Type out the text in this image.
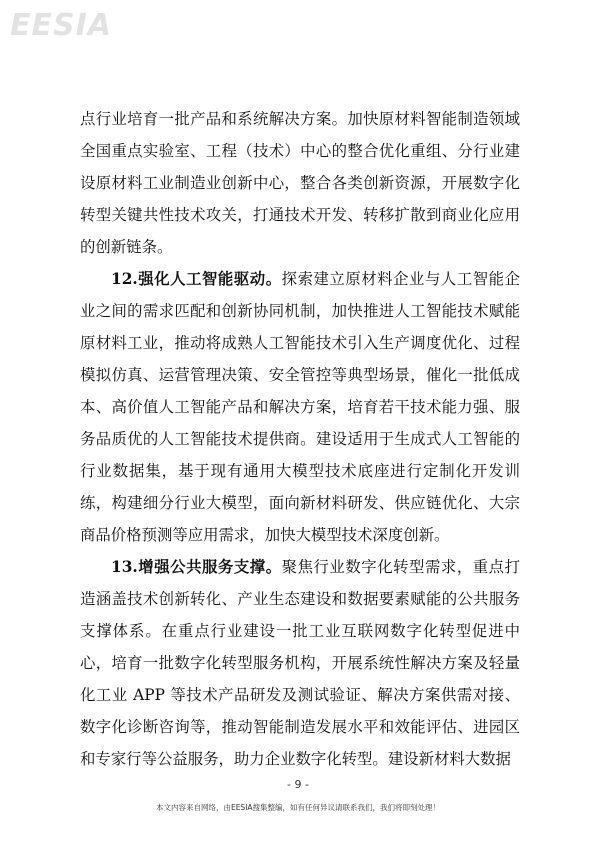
EESIA

点行业培育一批产品和系统解决方案。加快原材料智能制造领域全国重点实验室、工程（技术）中心的整合优化重组、分行业建设原材料工业制造业创新中心，整合各类创新资源，开展数字化转型关键共性技术攻关，打通技术开发、转移扩散到商业化应用的创新链条。

12.强化人工智能驱动。探索建立原材料企业与人工智能企业之间的需求匹配和创新协同机制，加快推进人工智能技术赋能原材料工业，推动将成熟人工智能技术引入生产调度优化、过程模拟仿真、运营管理决策、安全管控等典型场景，催化一批低成本、高价值人工智能产品和解决方案，培育若干技术能力强、服务品质优的人工智能技术提供商。建设适用于生成式人工智能的行业数据集，基于现有通用大模型技术底座进行定制化开发训练，构建细分行业大模型，面向新材料研发、供应链优化、大宗商品价格预测等应用需求，加快大模型技术深度创新。

13.增强公共服务支撑。聚焦行业数字化转型需求，重点打造涵盖技术创新转化、产业生态建设和数据要素赋能的公共服务支撑体系。在重点行业建设一批工业互联网数字化转型促进中心，培育一批数字化转型服务机构，开展系统性解决方案及轻量化工业 APP 等技术产品研发及测试验证、解决方案供需对接、数字化诊断咨询等，推动智能制造发展水平和效能评估、进园区和专家行等公益服务，助力企业数字化转型。建设新材料大数据

- 9 -
本文内容来自网络，由EESIA搜集整编，如有任何异议请联系我们，我们将即刻处理！
